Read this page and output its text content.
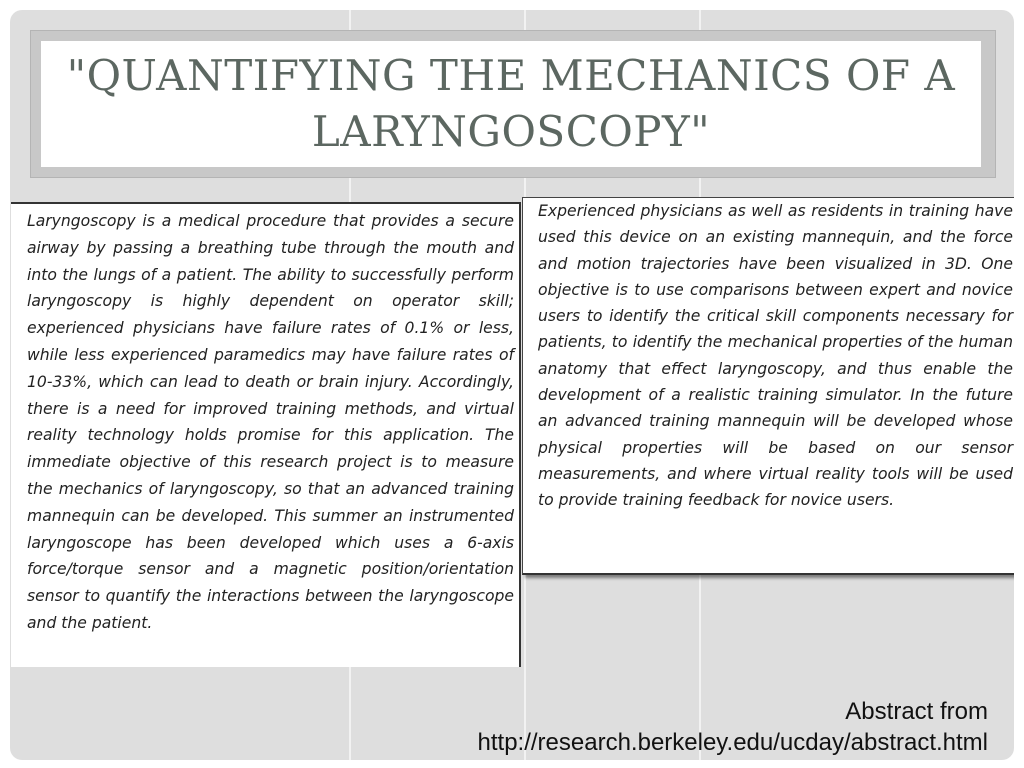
"QUANTIFYING THE MECHANICS OF A LARYNGOSCOPY"
Laryngoscopy is a medical procedure that provides a secure airway by passing a breathing tube through the mouth and into the lungs of a patient. The ability to successfully perform laryngoscopy is highly dependent on operator skill; experienced physicians have failure rates of 0.1% or less, while less experienced paramedics may have failure rates of 10-33%, which can lead to death or brain injury. Accordingly, there is a need for improved training methods, and virtual reality technology holds promise for this application. The immediate objective of this research project is to measure the mechanics of laryngoscopy, so that an advanced training mannequin can be developed. This summer an instrumented laryngoscope has been developed which uses a 6-axis force/torque sensor and a magnetic position/orientation sensor to quantify the interactions between the laryngoscope and the patient.
Experienced physicians as well as residents in training have used this device on an existing mannequin, and the force and motion trajectories have been visualized in 3D. One objective is to use comparisons between expert and novice users to identify the critical skill components necessary for patients, to identify the mechanical properties of the human anatomy that effect laryngoscopy, and thus enable the development of a realistic training simulator. In the future an advanced training mannequin will be developed whose physical properties will be based on our sensor measurements, and where virtual reality tools will be used to provide training feedback for novice users.
Abstract from
http://research.berkeley.edu/ucday/abstract.html
